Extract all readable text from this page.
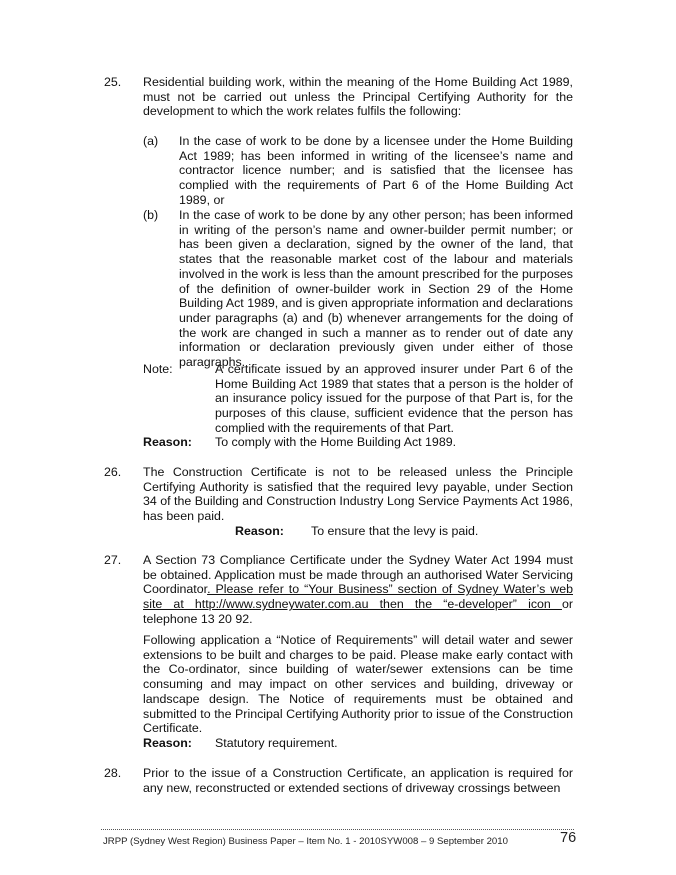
25. Residential building work, within the meaning of the Home Building Act 1989, must not be carried out unless the Principal Certifying Authority for the development to which the work relates fulfils the following:
(a) In the case of work to be done by a licensee under the Home Building Act 1989; has been informed in writing of the licensee’s name and contractor licence number; and is satisfied that the licensee has complied with the requirements of Part 6 of the Home Building Act 1989, or
(b) In the case of work to be done by any other person; has been informed in writing of the person’s name and owner-builder permit number; or has been given a declaration, signed by the owner of the land, that states that the reasonable market cost of the labour and materials involved in the work is less than the amount prescribed for the purposes of the definition of owner-builder work in Section 29 of the Home Building Act 1989, and is given appropriate information and declarations under paragraphs (a) and (b) whenever arrangements for the doing of the work are changed in such a manner as to render out of date any information or declaration previously given under either of those paragraphs.
Note:	A certificate issued by an approved insurer under Part 6 of the Home Building Act 1989 that states that a person is the holder of an insurance policy issued for the purpose of that Part is, for the purposes of this clause, sufficient evidence that the person has complied with the requirements of that Part.
Reason: To comply with the Home Building Act 1989.
26. The Construction Certificate is not to be released unless the Principle Certifying Authority is satisfied that the required levy payable, under Section 34 of the Building and Construction Industry Long Service Payments Act 1986, has been paid.
Reason: To ensure that the levy is paid.
27. A Section 73 Compliance Certificate under the Sydney Water Act 1994 must be obtained. Application must be made through an authorised Water Servicing Coordinator. Please refer to “Your Business” section of Sydney Water’s web site at http://www.sydneywater.com.au then the “e-developer” icon or telephone 13 20 92.
Following application a “Notice of Requirements” will detail water and sewer extensions to be built and charges to be paid. Please make early contact with the Co-ordinator, since building of water/sewer extensions can be time consuming and may impact on other services and building, driveway or landscape design. The Notice of requirements must be obtained and submitted to the Principal Certifying Authority prior to issue of the Construction Certificate.
Reason: Statutory requirement.
28. Prior to the issue of a Construction Certificate, an application is required for any new, reconstructed or extended sections of driveway crossings between
JRPP (Sydney West Region) Business Paper – Item No. 1 - 2010SYW008 – 9 September 2010	76
